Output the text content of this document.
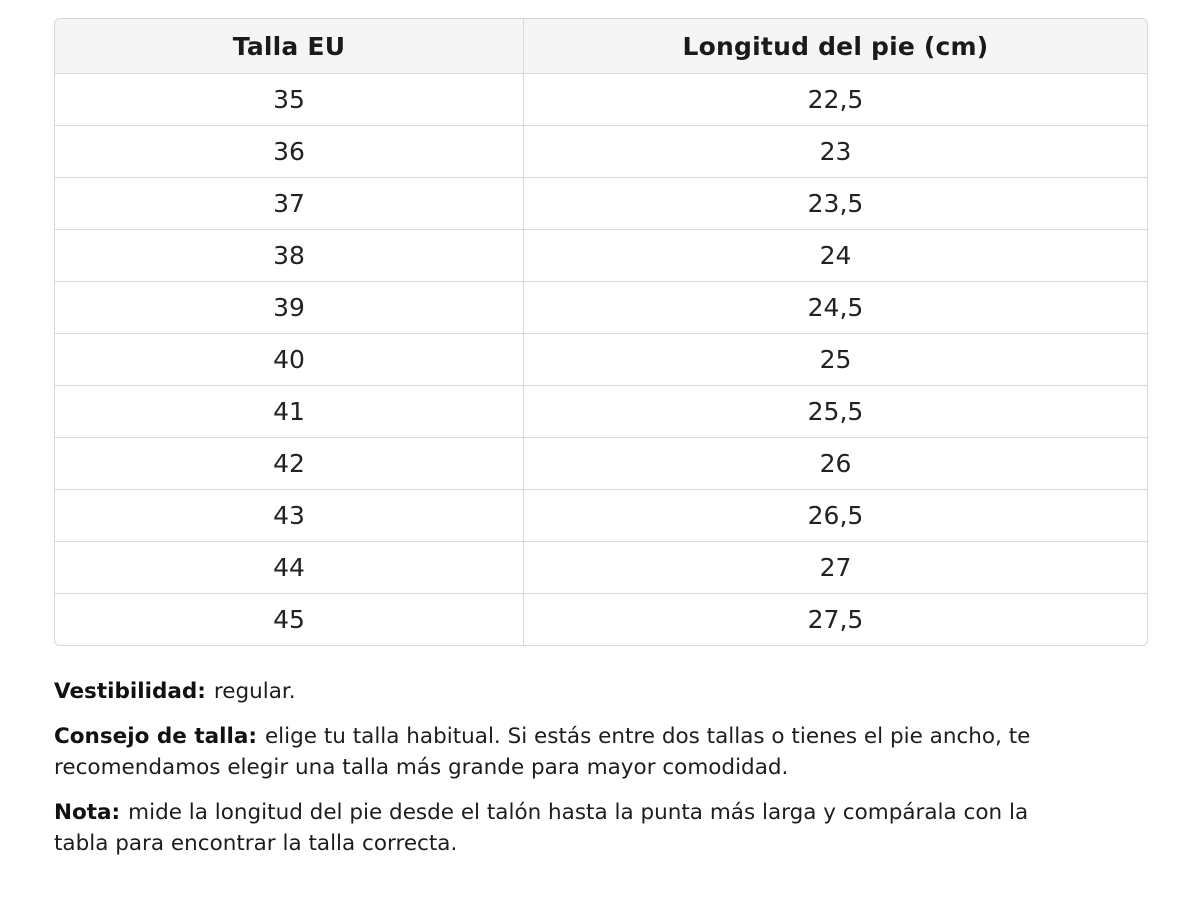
Talla EU	Longitud del pie (cm)
35	22,5
36	23
37	23,5
38	24
39	24,5
40	25
41	25,5
42	26
43	26,5
44	27
45	27,5

Vestibilidad: regular.

Consejo de talla: elige tu talla habitual. Si estás entre dos tallas o tienes el pie ancho, te recomendamos elegir una talla más grande para mayor comodidad.

Nota: mide la longitud del pie desde el talón hasta la punta más larga y compárala con la tabla para encontrar la talla correcta.
